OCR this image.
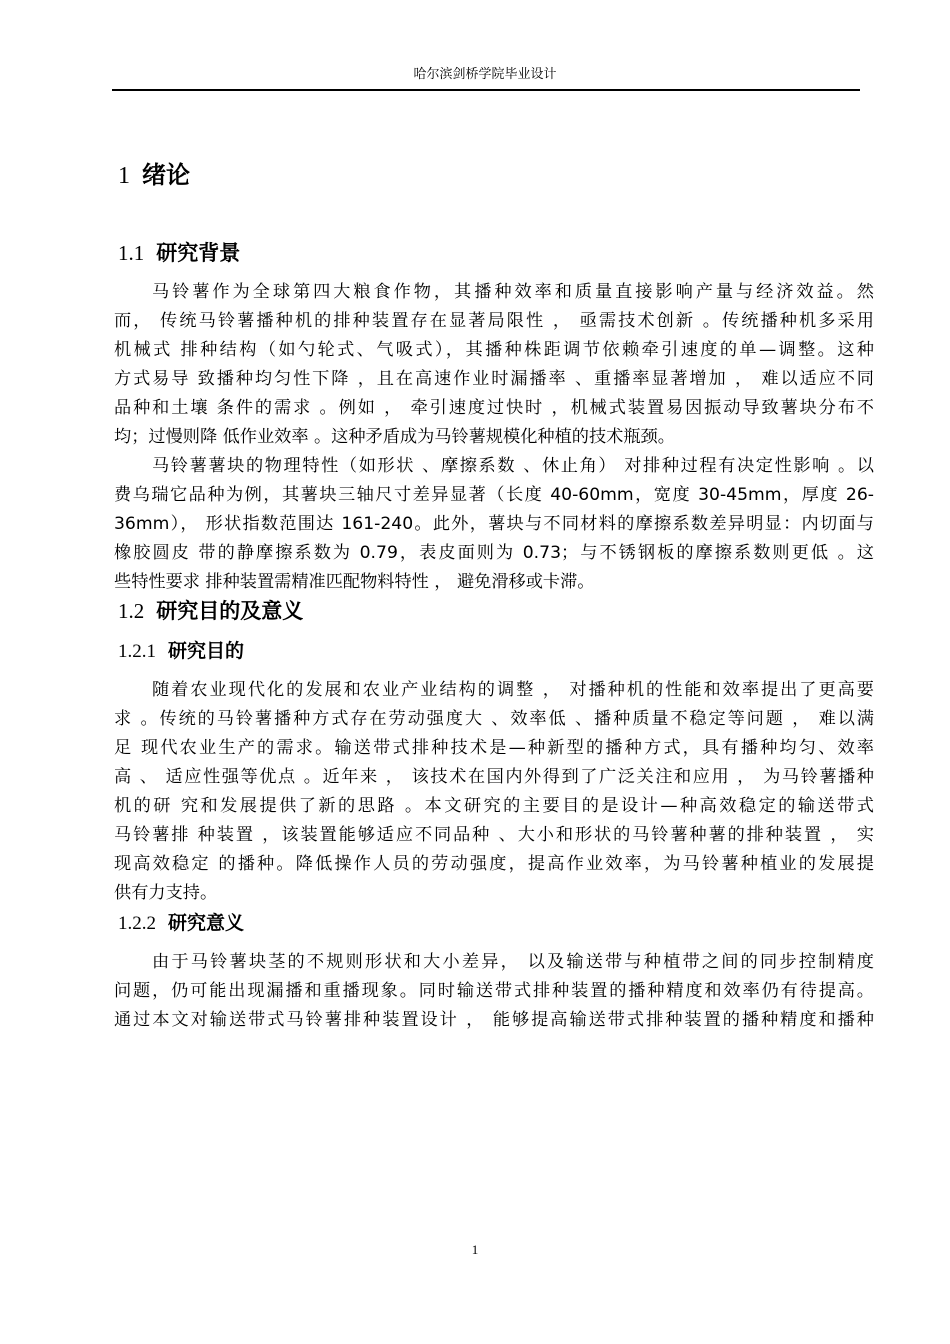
哈尔滨剑桥学院毕业设计
1 绪论
1.1 研究背景
马铃薯作为全球第四大粮食作物，其播种效率和质量直接影响产量与经济效益。然
而， 传统马铃薯播种机的排种装置存在显著局限性 ， 亟需技术创新 。传统播种机多采用
机械式 排种结构（如勺轮式、气吸式），其播种株距调节依赖牵引速度的单—调整。这种
方式易导 致播种均匀性下降 ，且在高速作业时漏播率 、重播率显著增加 ， 难以适应不同
品种和土壤 条件的需求 。例如 ， 牵引速度过快时 ，机械式装置易因振动导致薯块分布不
均；过慢则降 低作业效率 。这种矛盾成为马铃薯规模化种植的技术瓶颈。
马铃薯薯块的物理特性（如形状 、摩擦系数 、休止角） 对排种过程有决定性影响 。以
费乌瑞它品种为例，其薯块三轴尺寸差异显著（长度 40-60mm，宽度 30-45mm，厚度 26-
36mm）， 形状指数范围达 161-240。此外，薯块与不同材料的摩擦系数差异明显：内切面与
橡胶圆皮 带的静摩擦系数为 0.79，表皮面则为 0.73；与不锈钢板的摩擦系数则更低 。这
些特性要求 排种装置需精准匹配物料特性 ， 避免滑移或卡滞。
1.2 研究目的及意义
1.2.1 研究目的
随着农业现代化的发展和农业产业结构的调整 ， 对播种机的性能和效率提出了更高要
求 。传统的马铃薯播种方式存在劳动强度大 、效率低 、播种质量不稳定等问题 ， 难以满
足 现代农业生产的需求。输送带式排种技术是—种新型的播种方式，具有播种均匀、效率
高 、 适应性强等优点 。近年来 ， 该技术在国内外得到了广泛关注和应用 ， 为马铃薯播种
机的研 究和发展提供了新的思路 。本文研究的主要目的是设计—种高效稳定的输送带式
马铃薯排 种装置 ，该装置能够适应不同品种 、大小和形状的马铃薯种薯的排种装置 ， 实
现高效稳定 的播种。降低操作人员的劳动强度，提高作业效率，为马铃薯种植业的发展提
供有力支持。
1.2.2 研究意义
由于马铃薯块茎的不规则形状和大小差异， 以及输送带与种植带之间的同步控制精度
问题，仍可能出现漏播和重播现象。同时输送带式排种装置的播种精度和效率仍有待提高。
通过本文对输送带式马铃薯排种装置设计 ， 能够提高输送带式排种装置的播种精度和播种
1
